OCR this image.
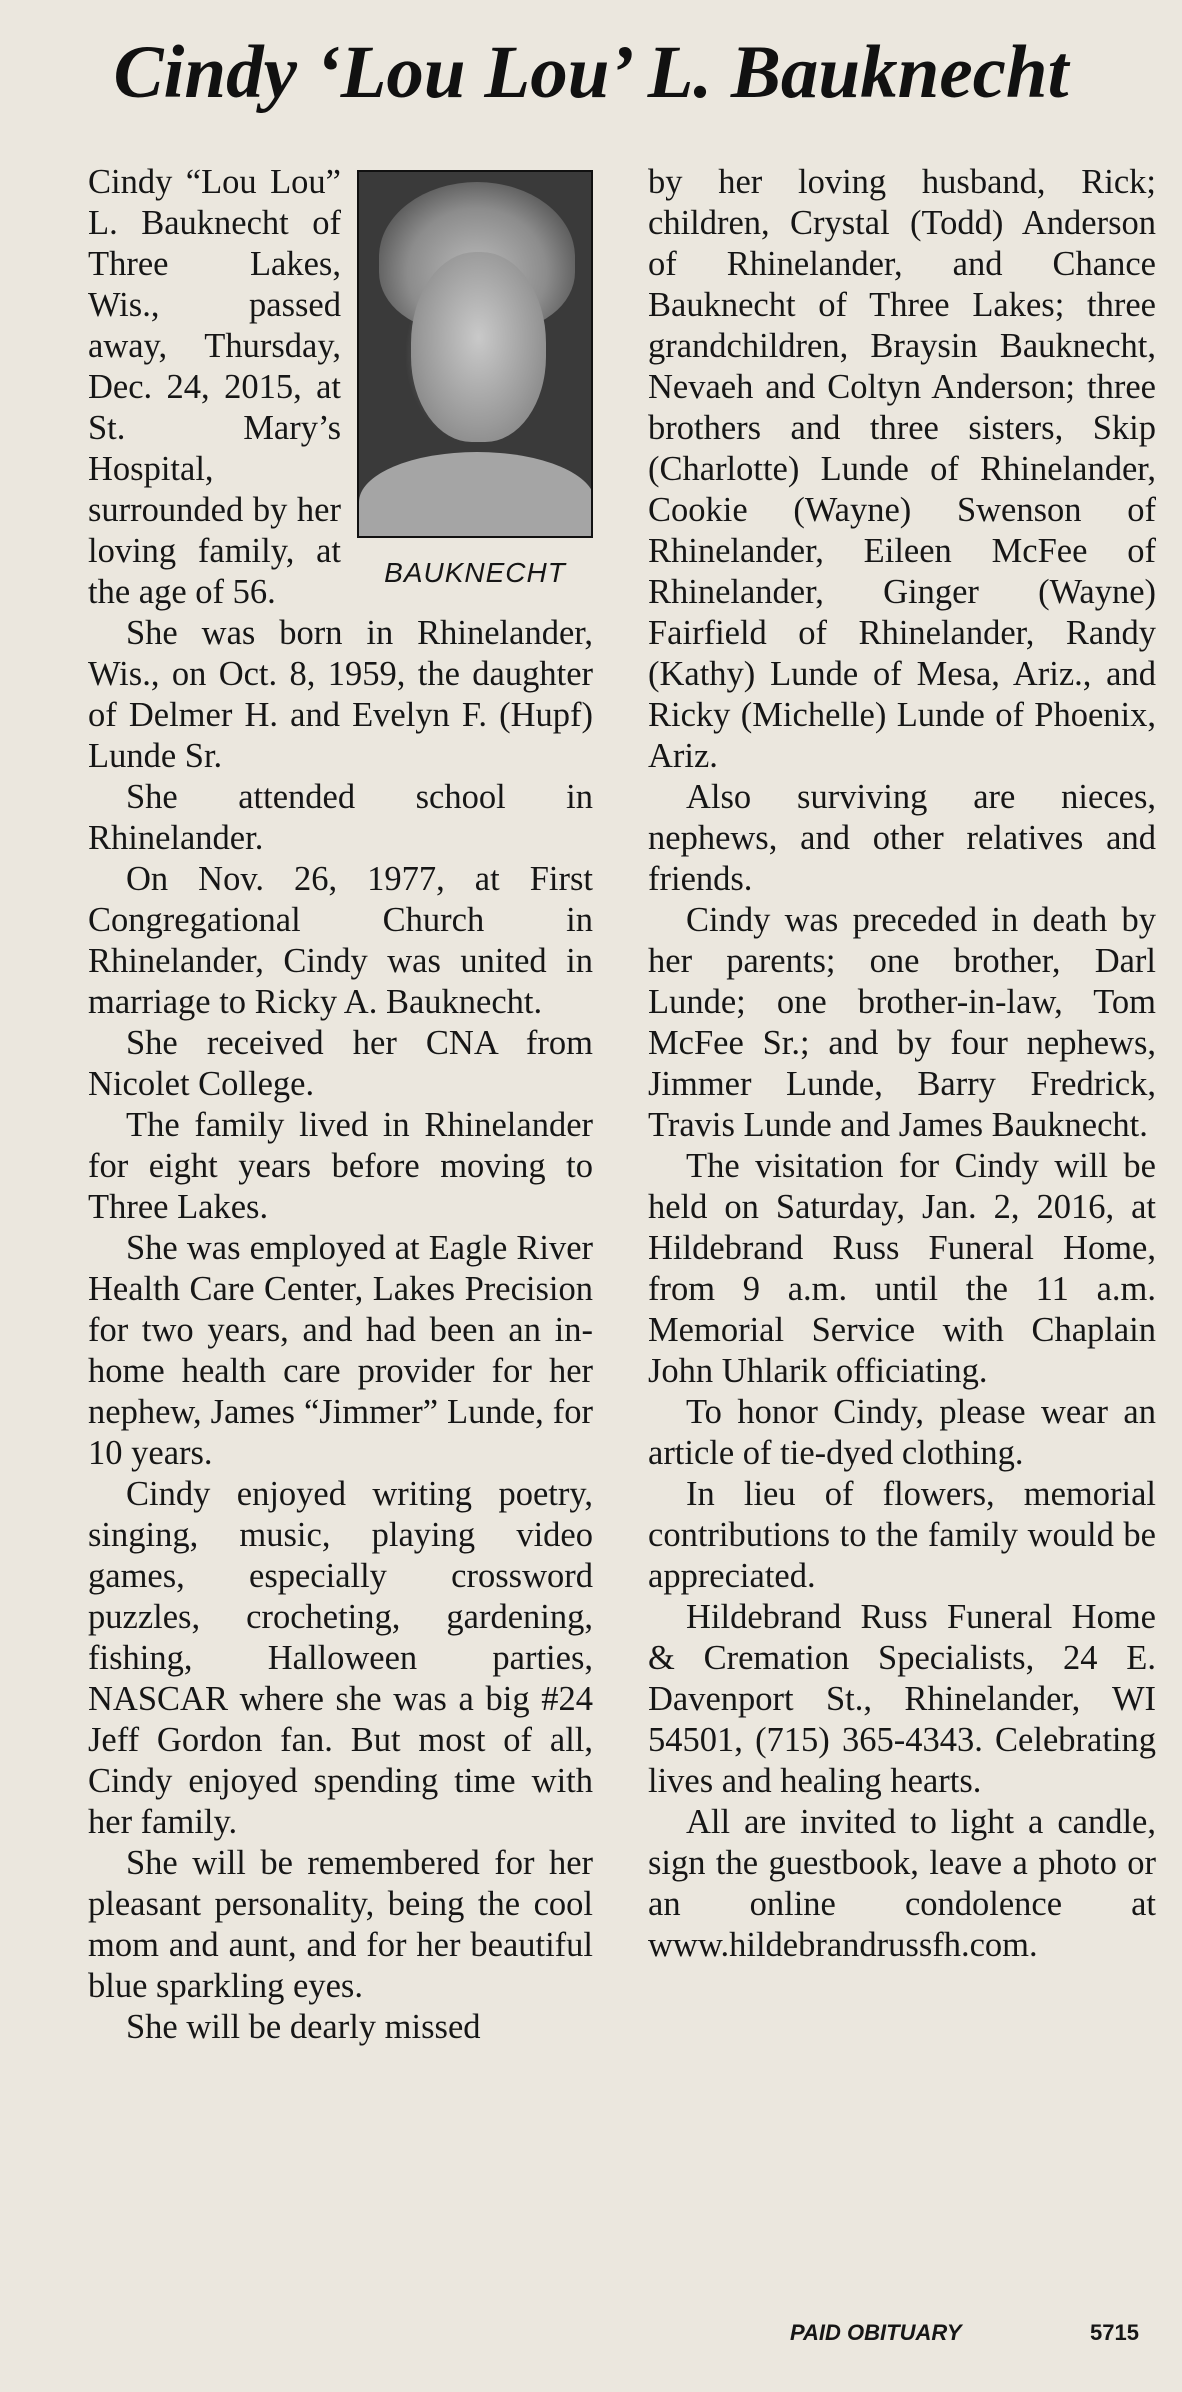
Cindy ‘Lou Lou’ L. Bauknecht
BAUKNECHT

Cindy “Lou Lou” L. Bauknecht of Three Lakes, Wis., passed away, Thursday, Dec. 24, 2015, at St. Mary’s Hospital, surrounded by her loving family, at the age of 56.

She was born in Rhinelander, Wis., on Oct. 8, 1959, the daughter of Delmer H. and Evelyn F. (Hupf) Lunde Sr.

She attended school in Rhinelander.

On Nov. 26, 1977, at First Congregational Church in Rhinelander, Cindy was united in marriage to Ricky A. Bauknecht.

She received her CNA from Nicolet College.

The family lived in Rhinelander for eight years before moving to Three Lakes.

She was employed at Eagle River Health Care Center, Lakes Precision for two years, and had been an in-home health care provider for her nephew, James “Jimmer” Lunde, for 10 years.

Cindy enjoyed writing poetry, singing, music, playing video games, especially crossword puzzles, crocheting, gardening, fishing, Halloween parties, NASCAR where she was a big #24 Jeff Gordon fan. But most of all, Cindy enjoyed spending time with her family.

She will be remembered for her pleasant personality, being the cool mom and aunt, and for her beautiful blue sparkling eyes.

She will be dearly missed

by her loving husband, Rick; children, Crystal (Todd) Anderson of Rhinelander, and Chance Bauknecht of Three Lakes; three grandchildren, Braysin Bauknecht, Nevaeh and Coltyn Anderson; three brothers and three sisters, Skip (Charlotte) Lunde of Rhinelander, Cookie (Wayne) Swenson of Rhinelander, Eileen McFee of Rhinelander, Ginger (Wayne) Fairfield of Rhinelander, Randy (Kathy) Lunde of Mesa, Ariz., and Ricky (Michelle) Lunde of Phoenix, Ariz.

Also surviving are nieces, nephews, and other relatives and friends.

Cindy was preceded in death by her parents; one brother, Darl Lunde; one brother-in-law, Tom McFee Sr.; and by four nephews, Jimmer Lunde, Barry Fredrick, Travis Lunde and James Bauknecht.

The visitation for Cindy will be held on Saturday, Jan. 2, 2016, at Hildebrand Russ Funeral Home, from 9 a.m. until the 11 a.m. Memorial Service with Chaplain John Uhlarik officiating.

To honor Cindy, please wear an article of tie-dyed clothing.

In lieu of flowers, memorial contributions to the family would be appreciated.

Hildebrand Russ Funeral Home & Cremation Specialists, 24 E. Davenport St., Rhinelander, WI 54501, (715) 365-4343. Celebrating lives and healing hearts.

All are invited to light a candle, sign the guestbook, leave a photo or an online condolence at www.hildebrandrussfh.com.

PAID OBITUARY	5715
